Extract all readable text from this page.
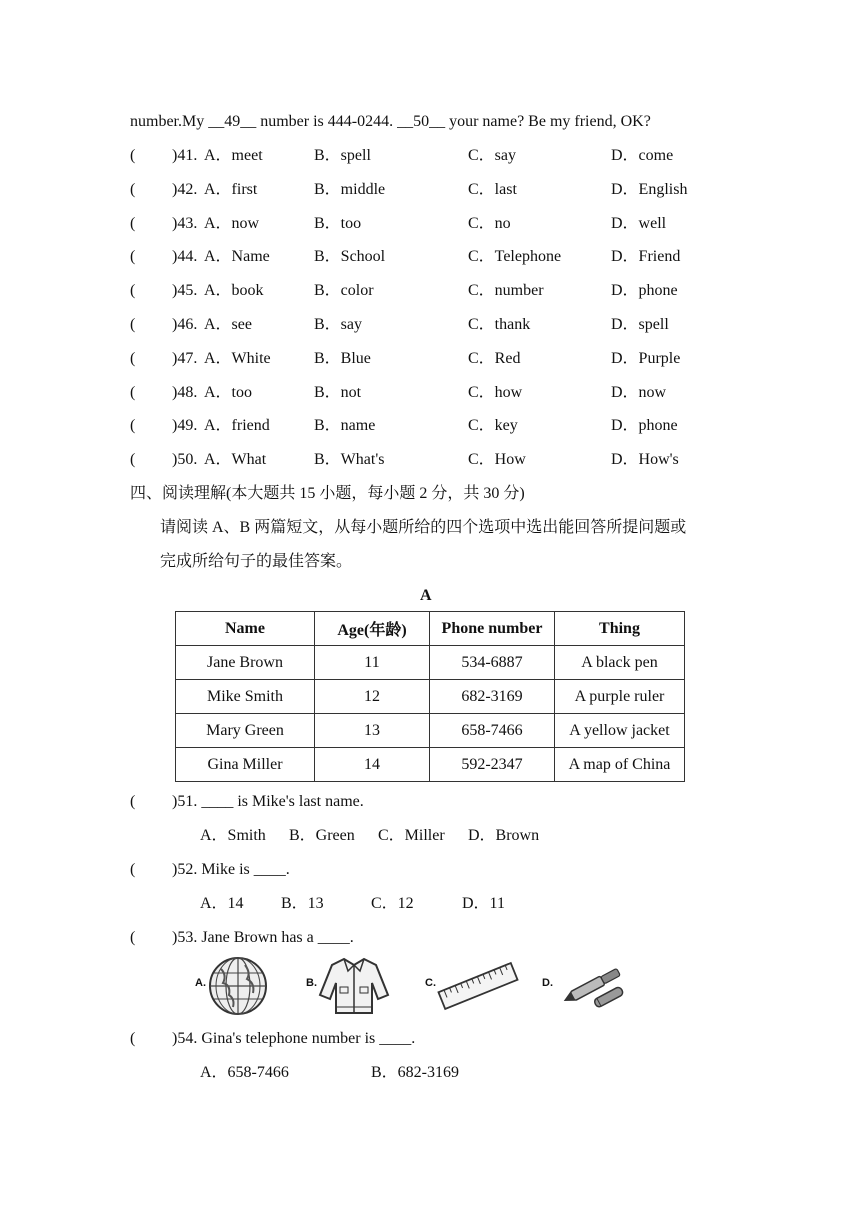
number.My __49__ number is 444-0244. __50__ your name? Be my friend, OK?
( )41. A．meet	B．spell	C．say	D．come
( )42. A．first	B．middle	C．last	D．English
( )43. A．now	B．too	C．no	D．well
( )44. A．Name	B．School	C．Telephone	D．Friend
( )45. A．book	B．color	C．number	D．phone
( )46. A．see	B．say	C．thank	D．spell
( )47. A．White	B．Blue	C．Red	D．Purple
( )48. A．too	B．not	C．how	D．now
( )49. A．friend	B．name	C．key	D．phone
( )50. A．What	B．What's	C．How	D．How's
四、阅读理解(本大题共 15 小题，每小题 2 分，共 30 分)
请阅读 A、B 两篇短文，从每小题所给的四个选项中选出能回答所提问题或
完成所给句子的最佳答案。
A
Name	Age(年龄)	Phone number	Thing
Jane Brown	11	534-6887	A black pen
Mike Smith	12	682-3169	A purple ruler
Mary Green	13	658-7466	A yellow jacket
Gina Miller	14	592-2347	A map of China
( )51. ____ is Mike's last name.
A．Smith B．Green C．Miller D．Brown
( )52. Mike is ____.
A．14 B．13	C．12	D．11
( )53. Jane Brown has a ____.
A.	B.	C.	D.
( )54. Gina's telephone number is ____.
A．658-7466	B．682-3169
